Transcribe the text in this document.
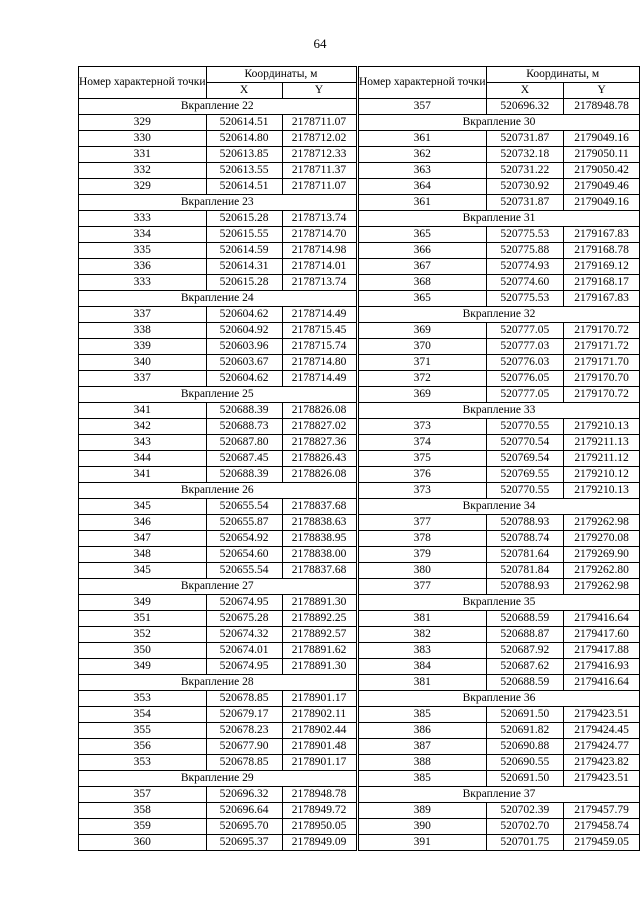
64
Номер характерной точки	Координаты, м	
	X	Y
Вкрапление 22		
329	520614.51	2178711.07
330	520614.80	2178712.02
331	520613.85	2178712.33
332	520613.55	2178711.37
329	520614.51	2178711.07
Вкрапление 23		
333	520615.28	2178713.74
334	520615.55	2178714.70
335	520614.59	2178714.98
336	520614.31	2178714.01
333	520615.28	2178713.74
Вкрапление 24		
337	520604.62	2178714.49
338	520604.92	2178715.45
339	520603.96	2178715.74
340	520603.67	2178714.80
337	520604.62	2178714.49
Вкрапление 25		
341	520688.39	2178826.08
342	520688.73	2178827.02
343	520687.80	2178827.36
344	520687.45	2178826.43
341	520688.39	2178826.08
Вкрапление 26		
345	520655.54	2178837.68
346	520655.87	2178838.63
347	520654.92	2178838.95
348	520654.60	2178838.00
345	520655.54	2178837.68
Вкрапление 27		
349	520674.95	2178891.30
351	520675.28	2178892.25
352	520674.32	2178892.57
350	520674.01	2178891.62
349	520674.95	2178891.30
Вкрапление 28		
353	520678.85	2178901.17
354	520679.17	2178902.11
355	520678.23	2178902.44
356	520677.90	2178901.48
353	520678.85	2178901.17
Вкрапление 29		
357	520696.32	2178948.78
358	520696.64	2178949.72
359	520695.70	2178950.05
360	520695.37	2178949.09
Номер характерной точки	Координаты, м	
	X	Y
357	520696.32	2178948.78
Вкрапление 30		
361	520731.87	2179049.16
362	520732.18	2179050.11
363	520731.22	2179050.42
364	520730.92	2179049.46
361	520731.87	2179049.16
Вкрапление 31		
365	520775.53	2179167.83
366	520775.88	2179168.78
367	520774.93	2179169.12
368	520774.60	2179168.17
365	520775.53	2179167.83
Вкрапление 32		
369	520777.05	2179170.72
370	520777.03	2179171.72
371	520776.03	2179171.70
372	520776.05	2179170.70
369	520777.05	2179170.72
Вкрапление 33		
373	520770.55	2179210.13
374	520770.54	2179211.13
375	520769.54	2179211.12
376	520769.55	2179210.12
373	520770.55	2179210.13
Вкрапление 34		
377	520788.93	2179262.98
378	520788.74	2179270.08
379	520781.64	2179269.90
380	520781.84	2179262.80
377	520788.93	2179262.98
Вкрапление 35		
381	520688.59	2179416.64
382	520688.87	2179417.60
383	520687.92	2179417.88
384	520687.62	2179416.93
381	520688.59	2179416.64
Вкрапление 36		
385	520691.50	2179423.51
386	520691.82	2179424.45
387	520690.88	2179424.77
388	520690.55	2179423.82
385	520691.50	2179423.51
Вкрапление 37		
389	520702.39	2179457.79
390	520702.70	2179458.74
391	520701.75	2179459.05
